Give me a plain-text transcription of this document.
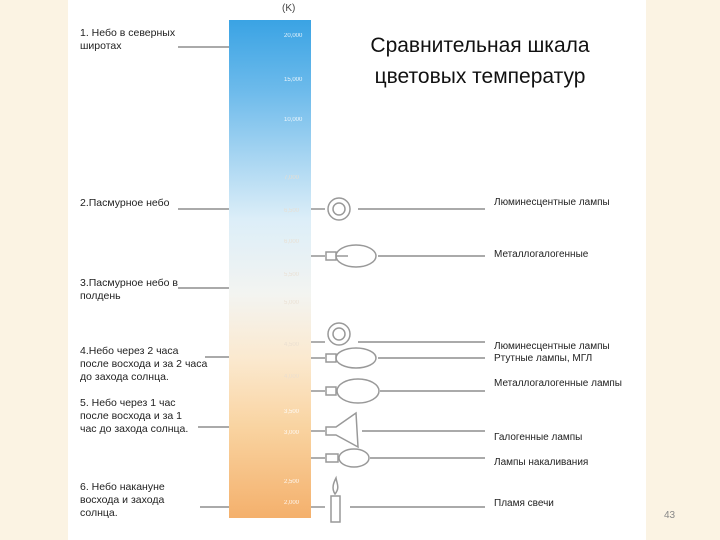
(K)
20,000
15,000
10,000
7,000
6,500
6,000
5,500
5,000
4,500
4,000
3,500
3,000
2,500
2,000
1. Небо в северных широтах
2.Пасмурное небо
3.Пасмурное небо в полдень
4.Небо через 2 часа после восхода и за 2 часа до захода солнца.
5. Небо через 1 час после восхода и за 1 час до захода солнца.
6. Небо накануне восхода и захода солнца.
Люминесцентные лампы
Металлогалогенные
Люминесцентные лампы
Ртутные лампы, МГЛ
Металлогалогенные лампы
Галогенные лампы
Лампы накаливания
Пламя свечи
Сравнительная шкала цветовых температур
43
